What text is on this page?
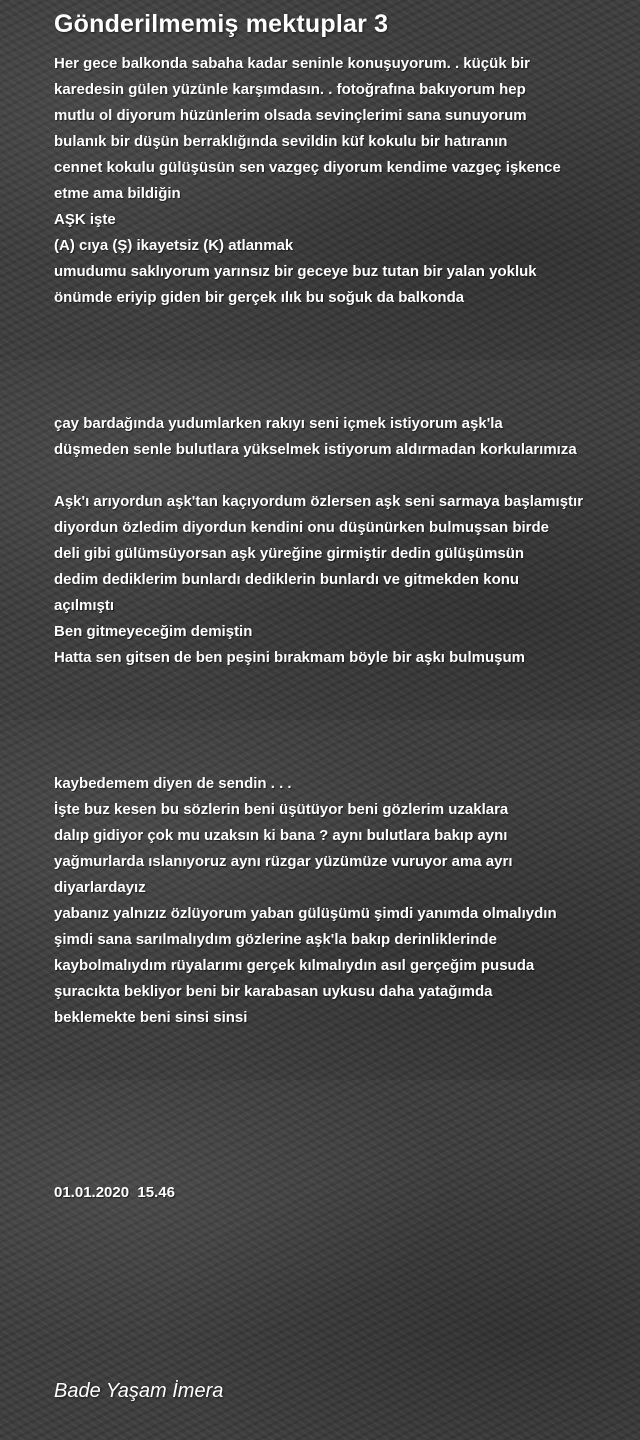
Gönderilmemiş mektuplar 3

Her gece balkonda sabaha kadar seninle konuşuyorum. . küçük bir
karedesin gülen yüzünle karşımdasın. . fotoğrafına bakıyorum hep
mutlu ol diyorum hüzünlerim olsada sevinçlerimi sana sunuyorum
bulanık bir düşün berraklığında sevildin küf kokulu bir hatıranın
cennet kokulu gülüşüsün sen vazgeç diyorum kendime vazgeç işkence
etme ama bildiğin
AŞK işte
(A) cıya (Ş) ikayetsiz (K) atlanmak
umudumu saklıyorum yarınsız bir geceye buz tutan bir yalan yokluk
önümde eriyip giden bir gerçek ılık bu soğuk da balkonda

çay bardağında yudumlarken rakıyı seni içmek istiyorum aşk'la
düşmeden senle bulutlara yükselmek istiyorum aldırmadan korkularımıza
Aşk'ı arıyordun aşk'tan kaçıyordum özlersen aşk seni sarmaya başlamıştır
diyordun özledim diyordun kendini onu düşünürken bulmuşsan birde
deli gibi gülümsüyorsan aşk yüreğine girmiştir dedin gülüşümsün
dedim dediklerim bunlardı dediklerin bunlardı ve gitmekden konu
açılmıştı
Ben gitmeyeceğim demiştin
Hatta sen gitsen de ben peşini bırakmam böyle bir aşkı bulmuşum

kaybedemem diyen de sendin . . .
İşte buz kesen bu sözlerin beni üşütüyor beni gözlerim uzaklara
dalıp gidiyor çok mu uzaksın ki bana ? aynı bulutlara bakıp aynı
yağmurlarda ıslanıyoruz aynı rüzgar yüzümüze vuruyor ama ayrı
diyarlardayız
yabanız yalnızız özlüyorum yaban gülüşümü şimdi yanımda olmalıydın
şimdi sana sarılmalıydım gözlerine aşk'la bakıp derinliklerinde
kaybolmalıydım rüyalarımı gerçek kılmalıydın asıl gerçeğim pusuda
şuracıkta bekliyor beni bir karabasan uykusu daha yatağımda
beklemekte beni sinsi sinsi

01.01.2020  15.46

Bade Yaşam İmera
